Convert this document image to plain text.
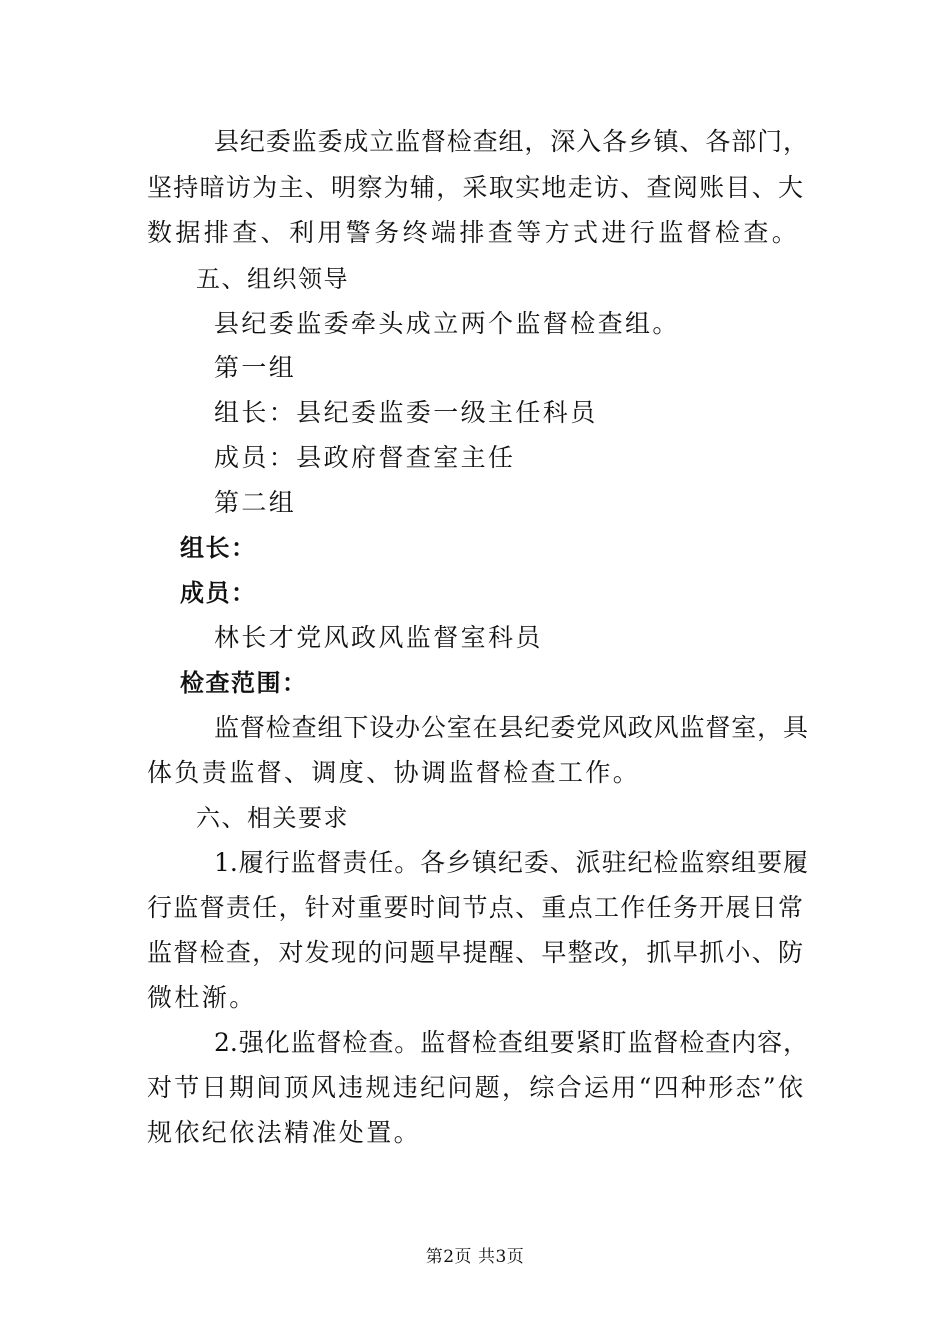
县纪委监委成立监督检查组，深入各乡镇、各部门，
坚持暗访为主、明察为辅，采取实地走访、查阅账目、大
数据排查、利用警务终端排查等方式进行监督检查。
五、组织领导
县纪委监委牵头成立两个监督检查组。
第一组
组长：县纪委监委一级主任科员
成员：县政府督查室主任
第二组
组长：
成员：
林长才党风政风监督室科员
检查范围：
监督检查组下设办公室在县纪委党风政风监督室，具
体负责监督、调度、协调监督检查工作。
六、相关要求
1.履行监督责任。各乡镇纪委、派驻纪检监察组要履
行监督责任，针对重要时间节点、重点工作任务开展日常
监督检查，对发现的问题早提醒、早整改，抓早抓小、防
微杜渐。
2.强化监督检查。监督检查组要紧盯监督检查内容，
对节日期间顶风违规违纪问题，综合运用“四种形态”依
规依纪依法精准处置。
第2页 共3页
